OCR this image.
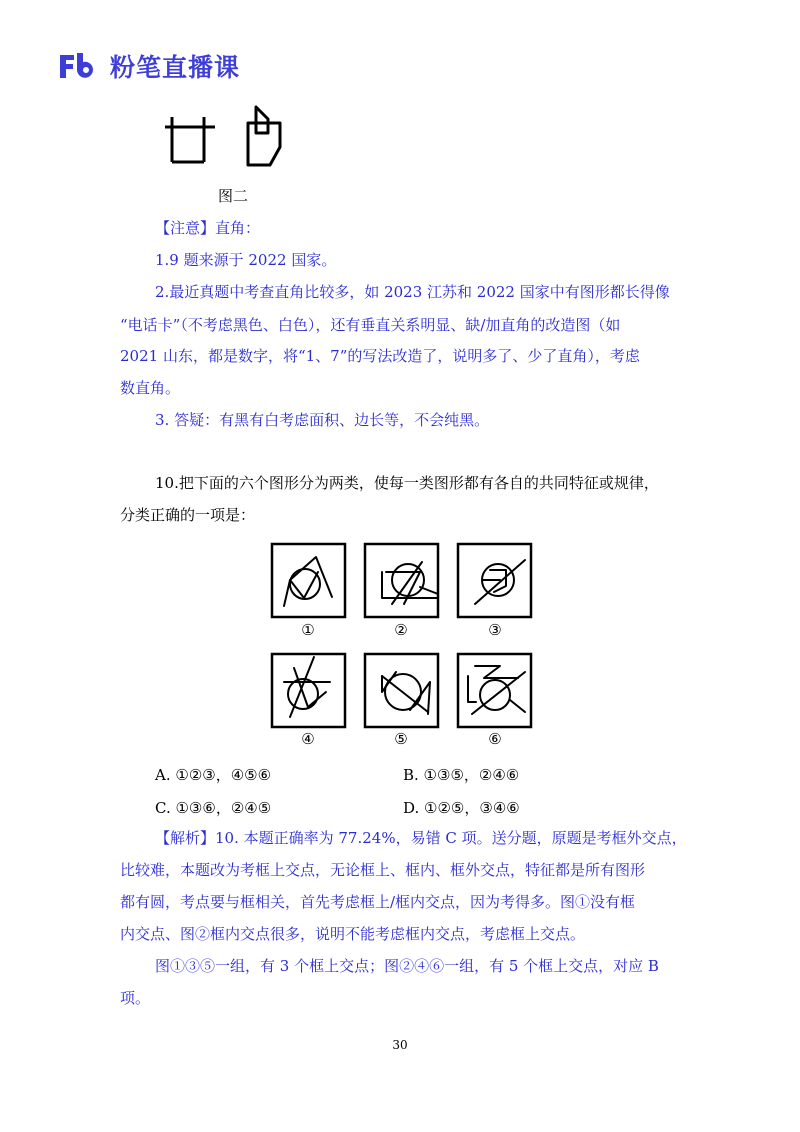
粉笔直播课
图二
【注意】直角：
1.9 题来源于 2022 国家。
2.最近真题中考查直角比较多，如 2023 江苏和 2022 国家中有图形都长得像
“电话卡”（不考虑黑色、白色），还有垂直关系明显、缺/加直角的改造图（如
2021 山东，都是数字，将“1、7”的写法改造了，说明多了、少了直角），考虑
数直角。
3. 答疑：有黑有白考虑面积、边长等，不会纯黑。
10.把下面的六个图形分为两类，使每一类图形都有各自的共同特征或规律，
分类正确的一项是：
①	②	③
④	⑤	⑥
A. ①②③，④⑤⑥	B. ①③⑤，②④⑥
C. ①③⑥，②④⑤	D. ①②⑤，③④⑥
【解析】10. 本题正确率为 77.24%，易错 C 项。送分题，原题是考框外交点，
比较难，本题改为考框上交点，无论框上、框内、框外交点，特征都是所有图形
都有圆，考点要与框相关，首先考虑框上/框内交点，因为考得多。图①没有框
内交点、图②框内交点很多，说明不能考虑框内交点，考虑框上交点。
图①③⑤一组，有 3 个框上交点；图②④⑥一组，有 5 个框上交点，对应 B
项。
30
